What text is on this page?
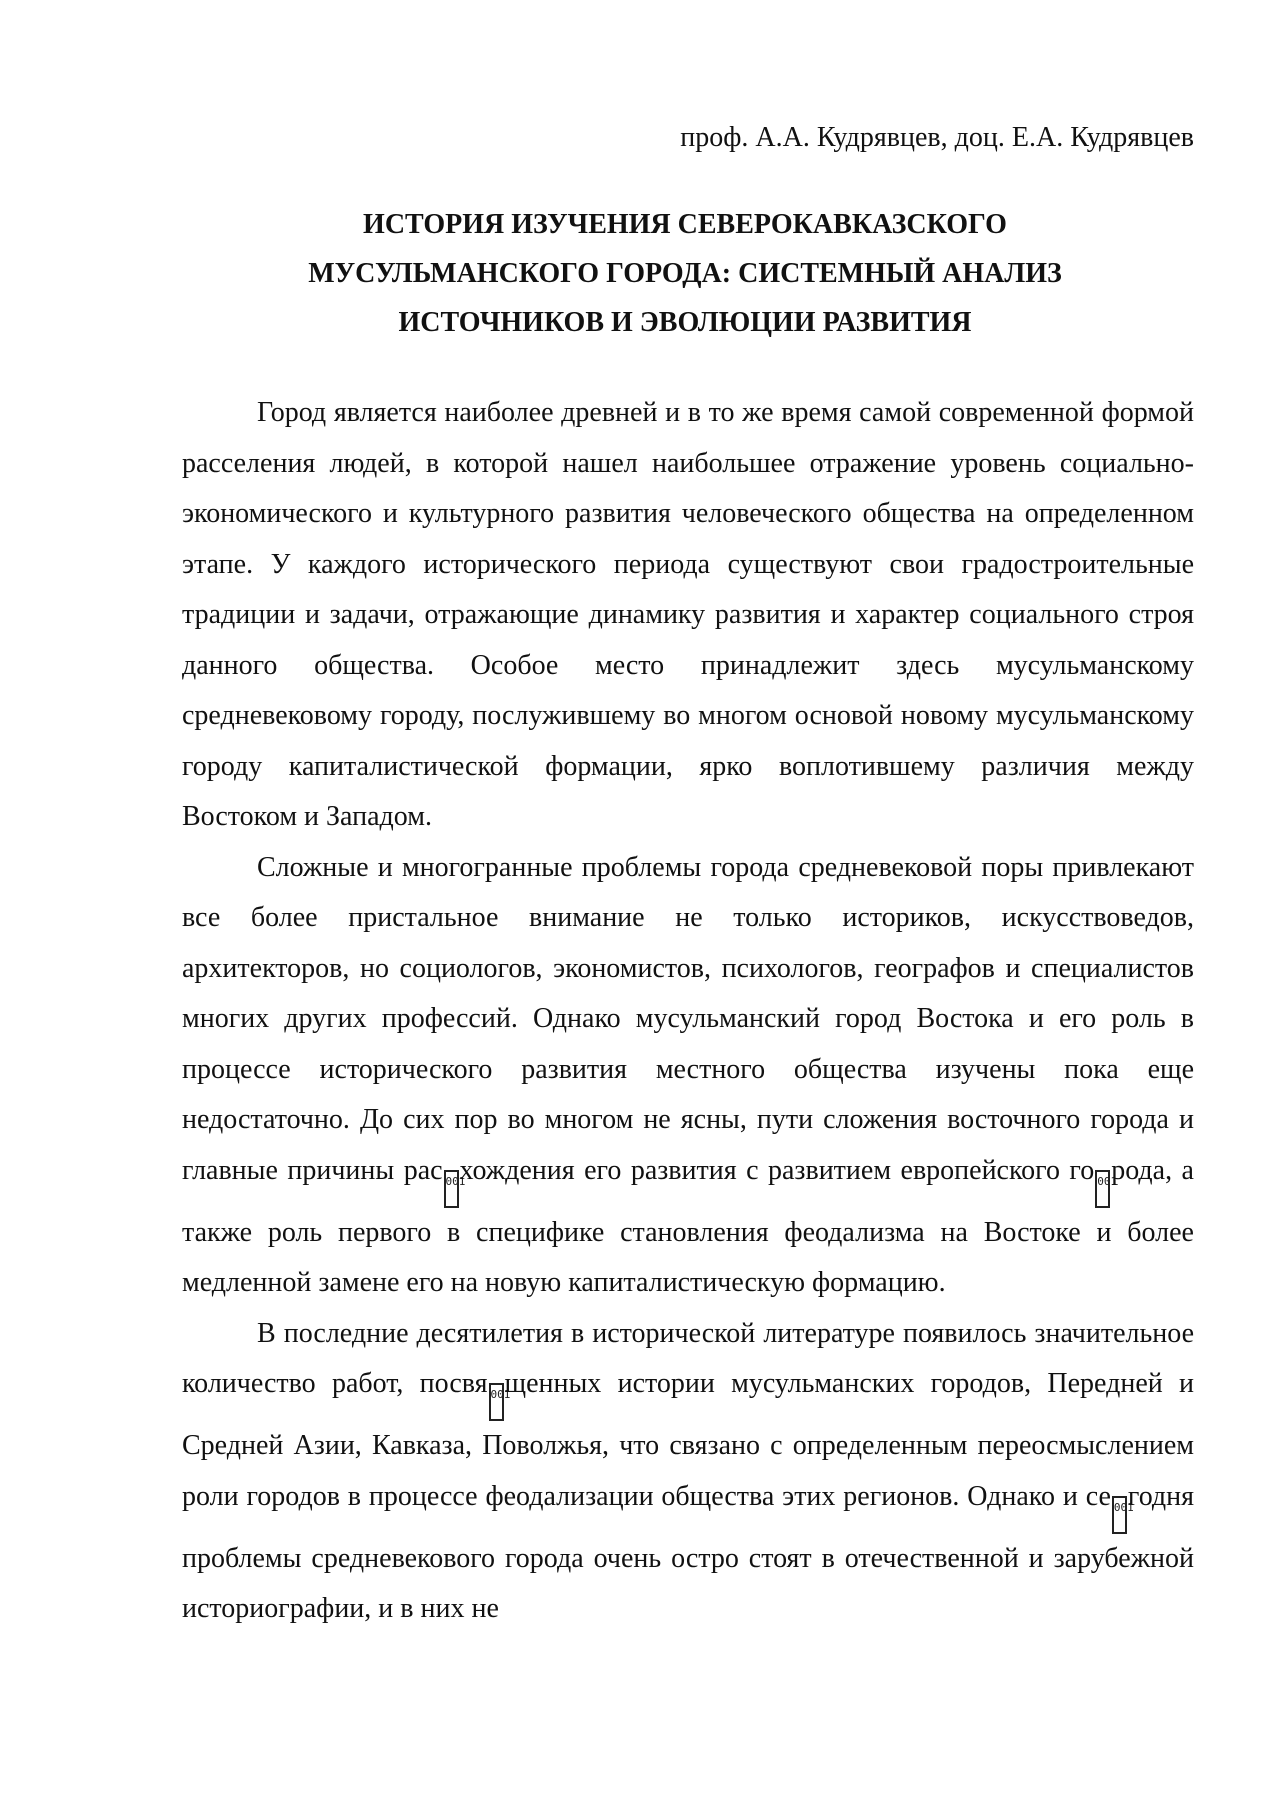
проф. А.А. Кудрявцев, доц. Е.А. Кудрявцев
ИСТОРИЯ ИЗУЧЕНИЯ СЕВЕРОКАВКАЗСКОГО
МУСУЛЬМАНСКОГО ГОРОДА: СИСТЕМНЫЙ АНАЛИЗ
ИСТОЧНИКОВ И ЭВОЛЮЦИИ РАЗВИТИЯ

Город является наиболее древней и в то же время самой современной формой расселения людей, в которой нашел наибольшее отражение уровень социально-экономического и культурного развития человеческого общества на определенном этапе. У каждого исторического периода существуют свои градостроительные традиции и задачи, отражающие динамику развития и характер социального строя данного общества. Особое место принадлежит здесь мусульманскому средневековому городу, послужившему во многом основой новому мусульманскому городу капиталистической формации, ярко воплотившему различия между Востоком и Западом.

Сложные и многогранные проблемы города средневековой поры привлекают все более пристальное внимание не только историков, искусствоведов, архитекторов, но социологов, экономистов, психологов, географов и специалистов многих других профессий. Однако мусульманский город Востока и его роль в процессе исторического развития местного общества изучены пока еще недостаточно. До сих пор во многом не ясны, пути сложения восточного города и главные причины рас 001хождения его развития с развитием европейского го 001рода, а также роль первого в специфике становления феодализма на Востоке и более медленной замене его на новую капиталистическую формацию.

В последние десятилетия в исторической литературе появилось значительное количество работ, посвя 001щенных истории мусульманских городов, Передней и Средней Азии, Кавказа, Поволжья, что связано с определенным переосмыслением роли городов в процессе феодализации общества этих регионов. Однако и се 001годня проблемы средневекового города очень остро стоят в отечественной и зарубежной историографии, и в них не
